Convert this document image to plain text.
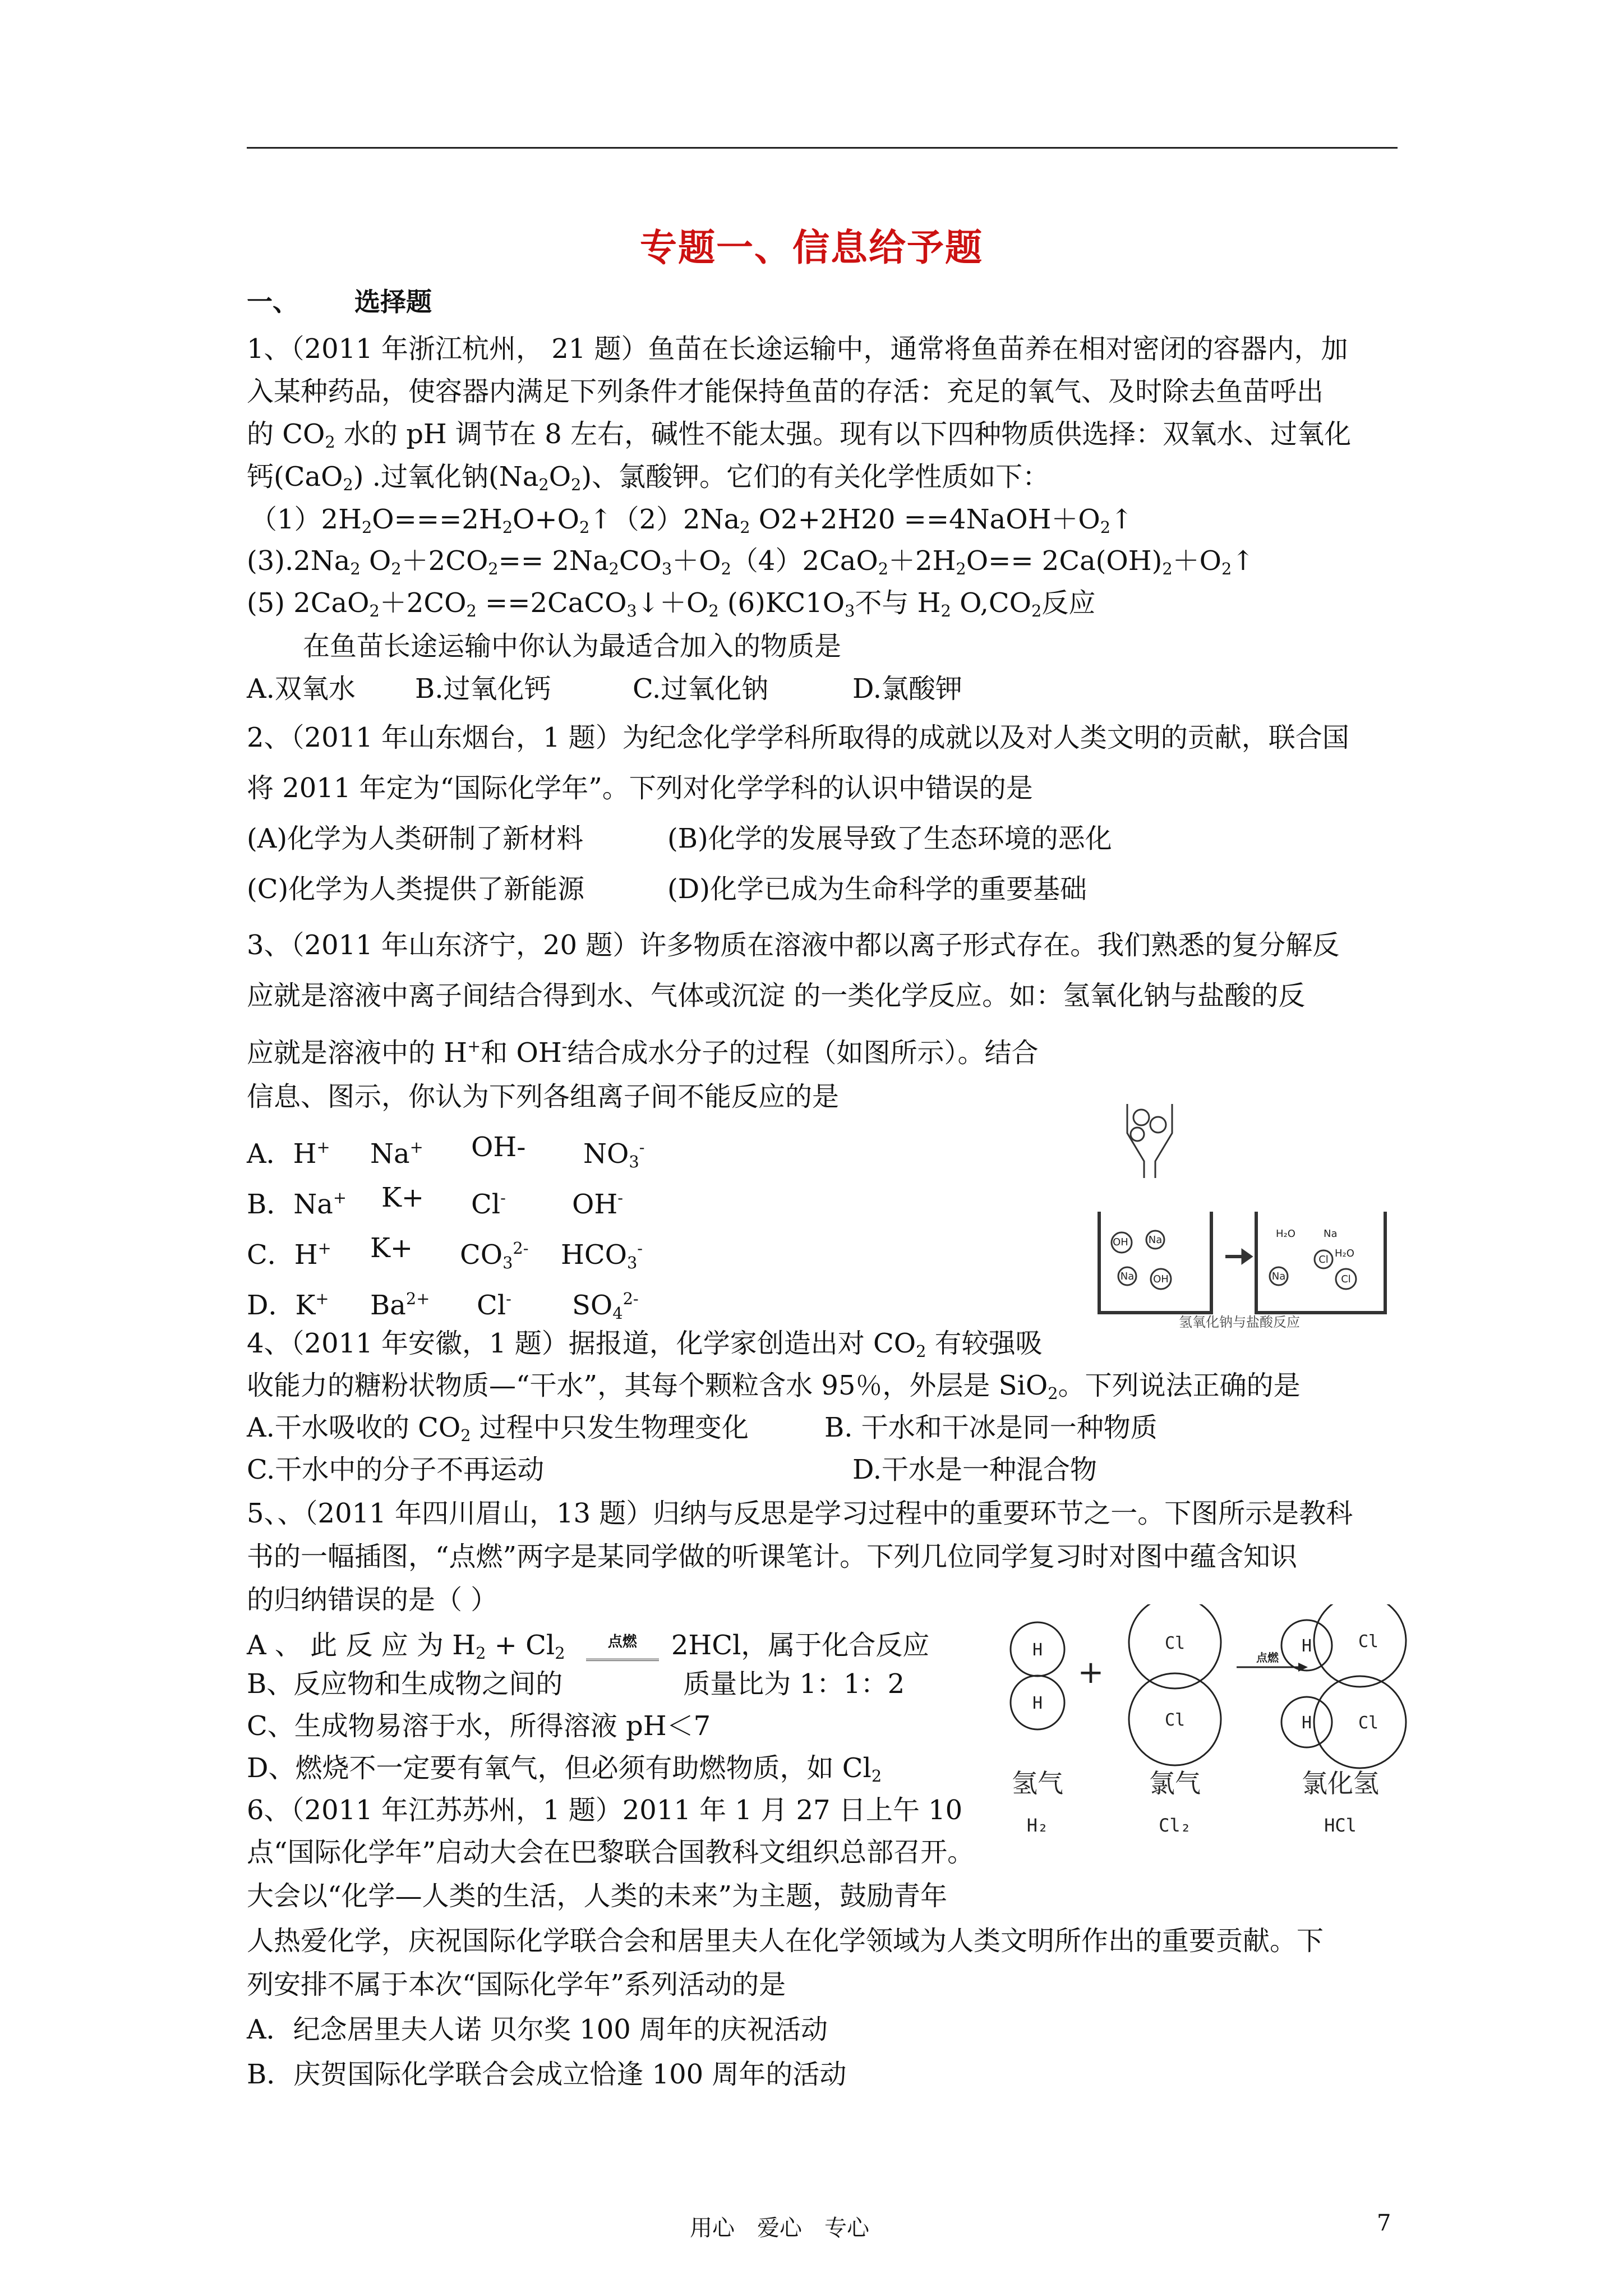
专题一、信息给予题
一、 选择题
1、（2011 年浙江杭州， 21 题）鱼苗在长途运输中，通常将鱼苗养在相对密闭的容器内，加
入某种药品，使容器内满足下列条件才能保持鱼苗的存活：充足的氧气、及时除去鱼苗呼出
的 $CO_2$ 水的 pH 调节在 8 左右，碱性不能太强。现有以下四种物质供选择：双氧水、过氧化
钙(CaO$_2$) .过氧化钠$(Na_2O_2)$、氯酸钾。它们的有关化学性质如下：
$(1)2H_2O===2H_2O+O_2↑(2)2Na_2$ $O2+2H20 ==4NaOH+O_2↑$
$(3).2Na_2$ $O_2+2CO_2== 2Na_2CO_3+O_2(4)2CaO_2+2H_2O==$ $2Ca(OH)_2+O_2↑$
(5) $2CaO_2+2CO_2$ $==2CaCO_3↓+O_2$ $(6)KC1O_3$不与 $H_2$ $O,CO_2$反应
在鱼苗长途运输中你认为最适合加入的物质是
A.双氧水 B.过氧化钙	C.过氧化钠	D.氯酸钾
2、（2011 年山东烟台，1 题）为纪念化学学科所取得的成就以及对人类文明的贡献，联合国
将 2011 年定为“国际化学年”。下列对化学学科的认识中错误的是
(A)化学为人类研制了新材料	(B)化学的发展导致了生态环境的恶化
(C)化学为人类提供了新能源	(D)化学已成为生命科学的重要基础
3、（2011 年山东济宁，20 题）许多物质在溶液中都以离子形式存在。我们熟悉的复分解反
应就是溶液中离子间结合得到水、气体或沉淀 的一类化学反应。如：氢氧化钠与盐酸的反
应就是溶液中的 H+和 OH-结合成水分子的过程（如图所示）。结合
信息、图示，你认为下列各组离子间不能反应的是
A．H+ Na+ OH- $NO_3^-$
B．Na+ K+ Cl- OH-
C．H+ $K+ CO_3^{2-}$ $HCO_3^-$
D．K+ $Ba^{2+}$ Cl- $SO_4^{2-}$
OH Na
Na OH
H₂O	Na
H₂O
Cl
Cl
Na
氢氧化钠与盐酸反应
4、（2011 年安徽，1 题）据报道，化学家创造出对 $CO_2$ 有较强吸
收能力的糖粉状物质—“干水”，其每个颗粒含水 95％，外层是 SiO$_2$。下列说法正确的是
A.干水吸收的 $CO_2$ 过程中只发生物理变化	B. 干水和干冰是同一种物质
C.干水中的分子不再运动	D.干水是一种混合物
5、、（2011 年四川眉山，13 题）归纳与反思是学习过程中的重要环节之一。下图所示是教科
书的一幅插图，“点燃”两字是某同学做的听课笔计。下列几位同学复习时对图中蕴含知识
的归纳错误的是（ ）
A 、 此 反 应 为 $H_2 + Cl_2$ 点燃 2HCl，属于化合反应
B、反应物和生成物之间的	质量比为 1：1：2
C、生成物易溶于水，所得溶液 pH＜7
D、燃烧不一定要有氧气，但必须有助燃物质，如 $Cl_2$
H
H
Cl
Cl
H	Cl
H	Cl
+	点燃
氢气	氯气	氯化氢
H₂	Cl₂	HCl
6、（2011 年江苏苏州，1 题）2011 年 1 月 27 日上午 10
点“国际化学年”启动大会在巴黎联合国教科文组织总部召开。
大会以“化学—人类的生活，人类的未来”为主题，鼓励青年
人热爱化学，庆祝国际化学联合会和居里夫人在化学领域为人类文明所作出的重要贡献。下
列安排不属于本次“国际化学年”系列活动的是
A．纪念居里夫人诺 贝尔奖 100 周年的庆祝活动
B．庆贺国际化学联合会成立恰逢 100 周年的活动
用心　爱心　专心	7
